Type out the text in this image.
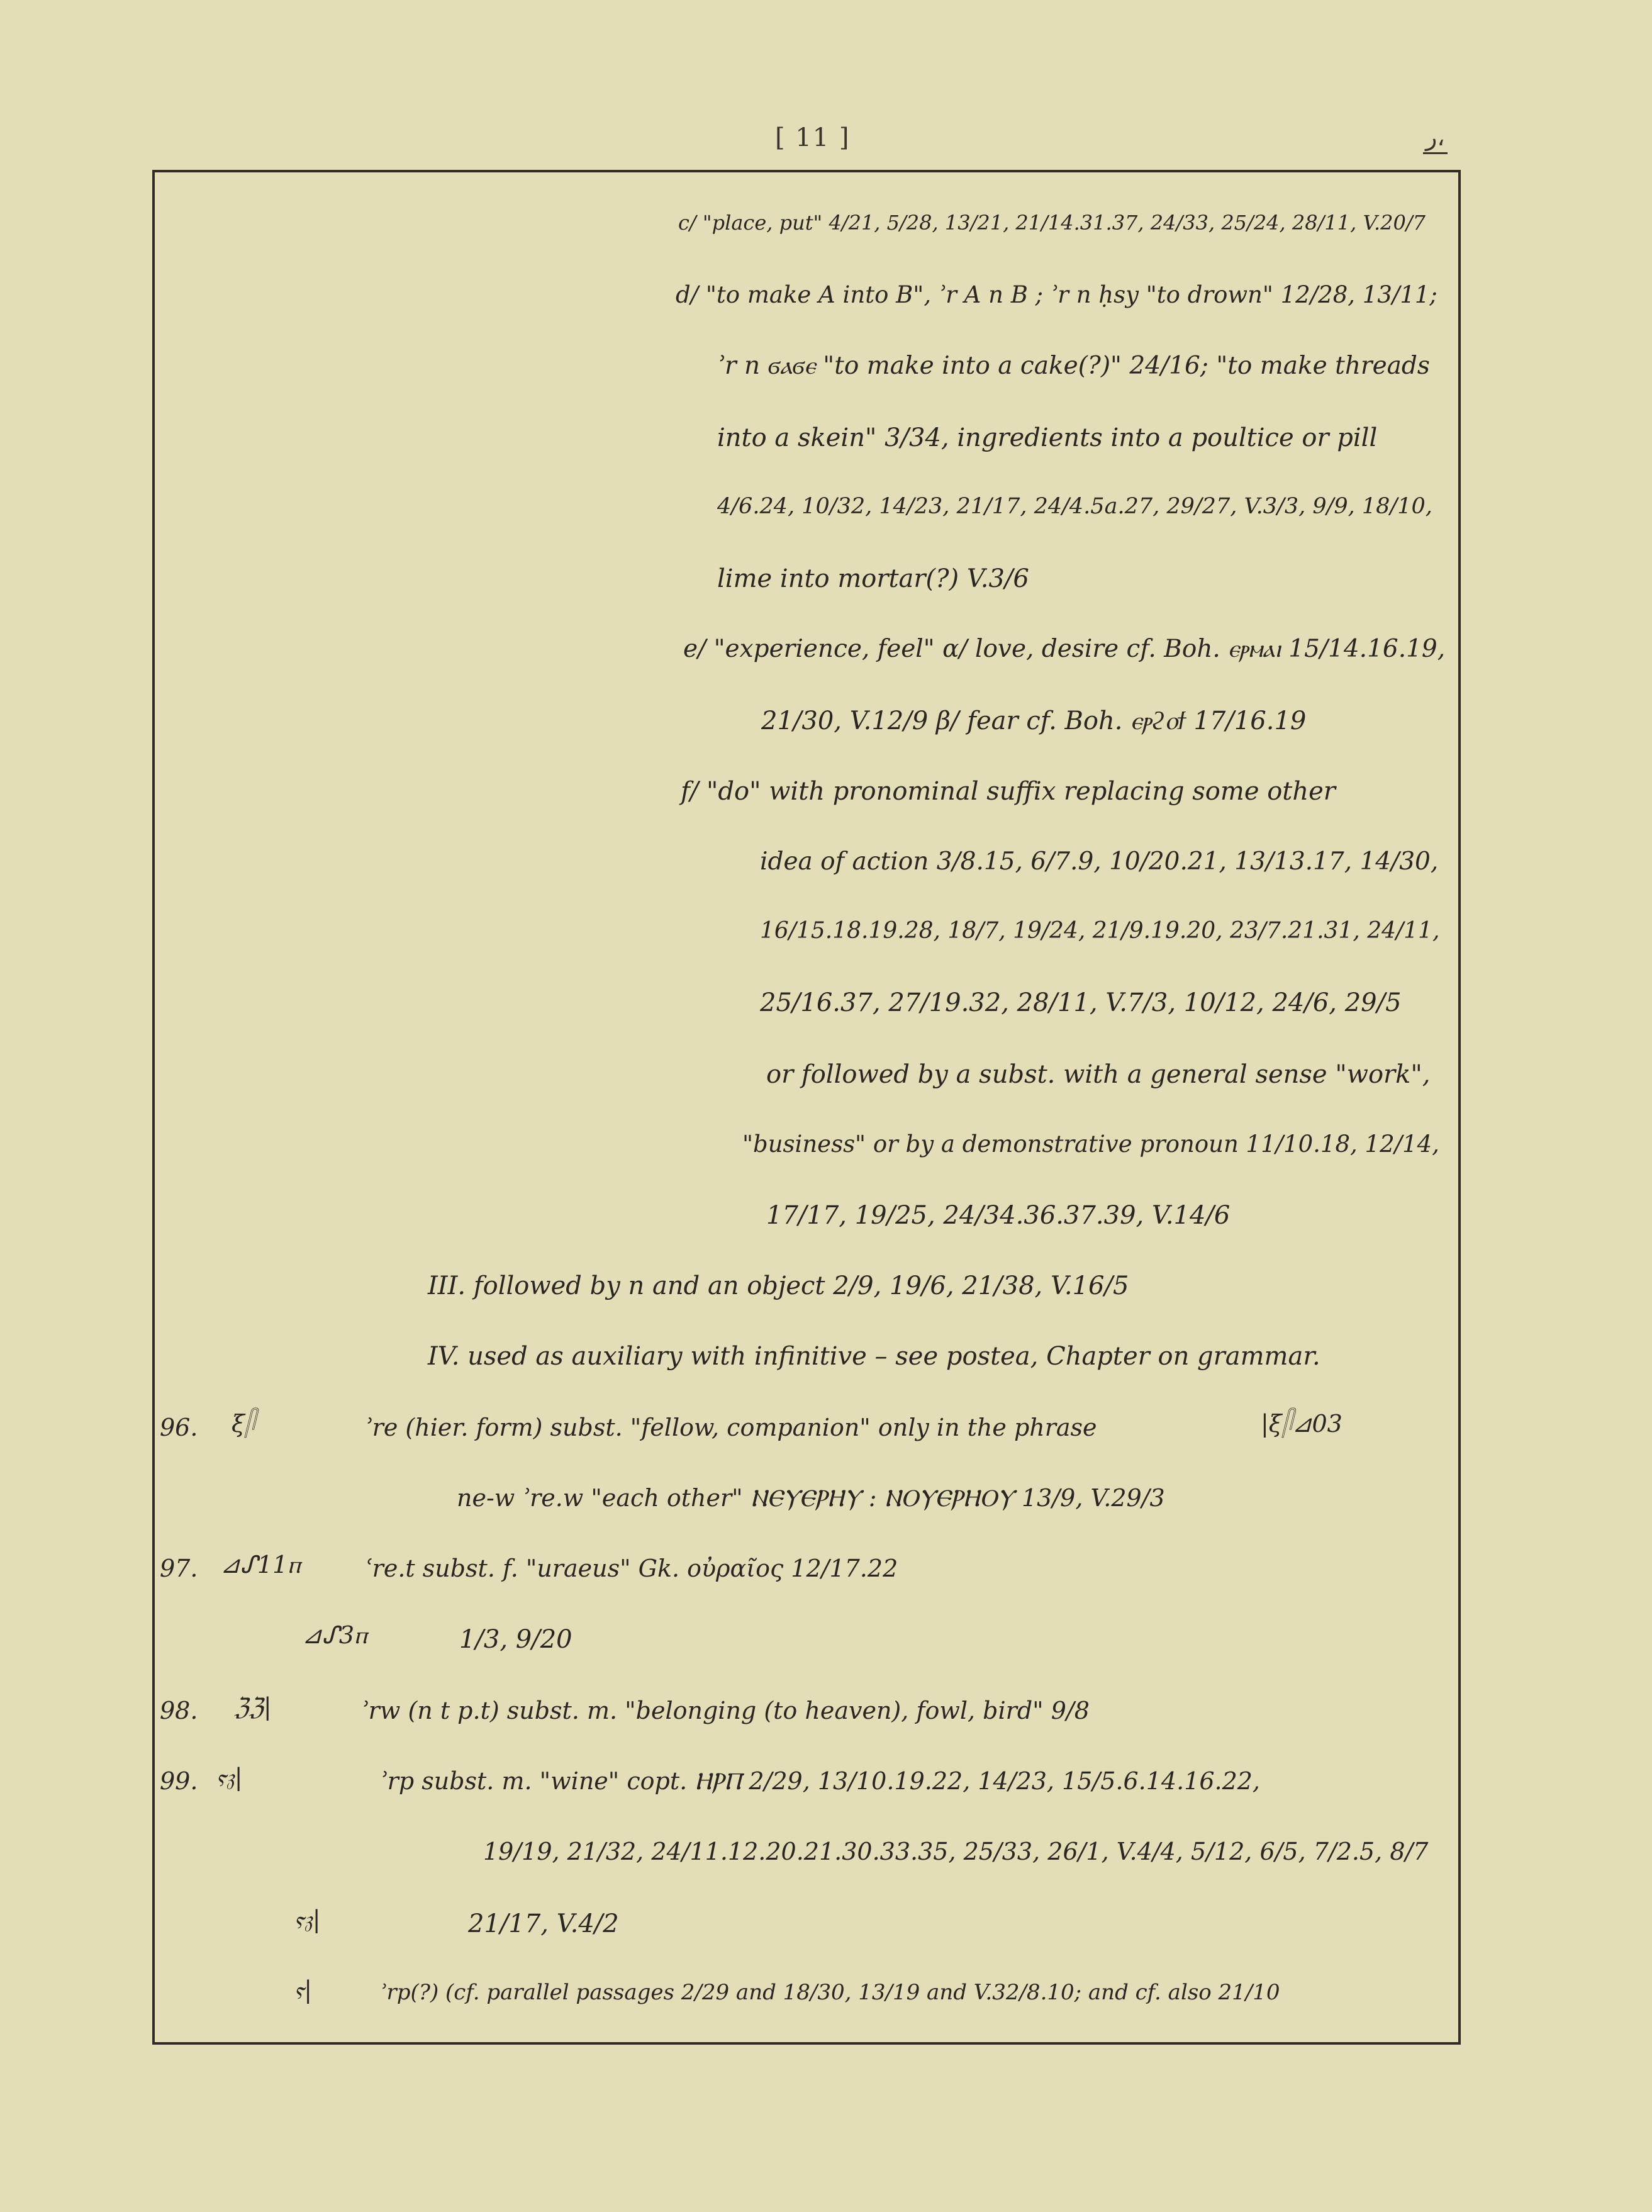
[ 11 ]	ر،
c/ "place, put" 4/21, 5/28, 13/21, 21/14.31.37, 24/33, 25/24, 28/11, V.20/7
d/ "to make A into B", ʾr A n B ; ʾr n ḥsy "to drown" 12/28, 13/11;
ʾr n ϭⲁϭⲉ "to make into a cake(?)" 24/16; "to make threads
into a skein" 3/34, ingredients into a poultice or pill
4/6.24, 10/32, 14/23, 21/17, 24/4.5a.27, 29/27, V.3/3, 9/9, 18/10,
lime into mortar(?) V.3/6
e/ "experience, feel" α/ love, desire cf. Boh. ⲉⲣⲙⲁⲓ 15/14.16.19,
21/30, V.12/9 β/ fear cf. Boh. ⲉⲣϩⲟϯ 17/16.19
f/ "do" with pronominal suffix replacing some other
idea of action 3/8.15, 6/7.9, 10/20.21, 13/13.17, 14/30,
16/15.18.19.28, 18/7, 19/24, 21/9.19.20, 23/7.21.31, 24/11,
25/16.37, 27/19.32, 28/11, V.7/3, 10/12, 24/6, 29/5
or followed by a subst. with a general sense "work",
"business" or by a demonstrative pronoun 11/10.18, 12/14,
17/17, 19/25, 24/34.36.37.39, V.14/6
III. followed by n and an object 2/9, 19/6, 21/38, V.16/5
IV. used as auxiliary with infinitive – see postea, Chapter on grammar.
96. ξ𓋴	ʾre (hier. form) subst. "fellow, companion" only in the phrase	|ξ𓋴⊿03
ne-w ʾre.w "each other" ⲚⲈⲨⲈⲢⲎⲨ : ⲚⲞⲨⲈⲢⲎⲞⲨ 13/9, V.29/3
97. ⊿ᔑ11ⲡ	ʿre.t subst. f. "uraeus" Gk. οὐραῖος 12/17.22
⊿ᔑ3ⲡ	1/3, 9/20
98. ℨℨ|	ʾrw (n t p.t) subst. m. "belonging (to heaven), fowl, bird" 9/8
99. ⲋ𝔷|	ʾrp subst. m. "wine" copt. ⲎⲢⲠ 2/29, 13/10.19.22, 14/23, 15/5.6.14.16.22,
19/19, 21/32, 24/11.12.20.21.30.33.35, 25/33, 26/1, V.4/4, 5/12, 6/5, 7/2.5, 8/7
ⲋ𝔷|	21/17, V.4/2
ⲋ|	ʾrp(?) (cf. parallel passages 2/29 and 18/30, 13/19 and V.32/8.10; and cf. also 21/10
